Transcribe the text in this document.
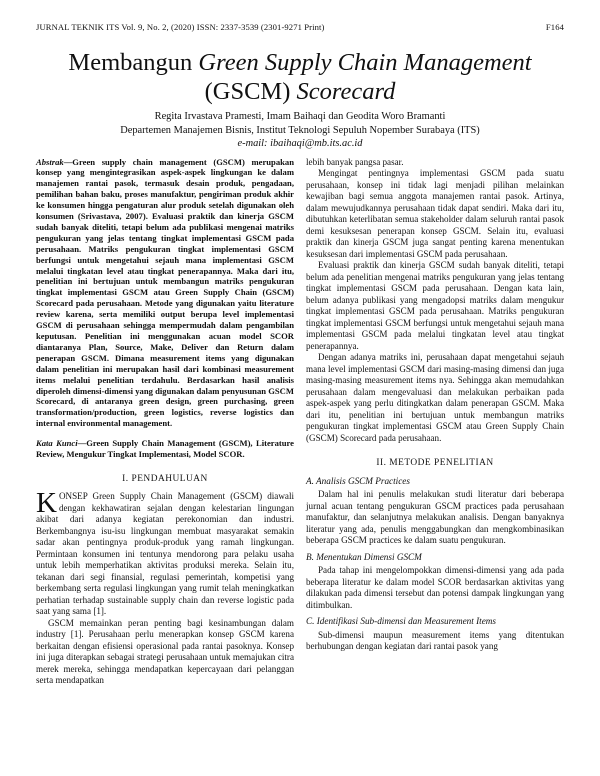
JURNAL TEKNIK ITS Vol. 9, No. 2, (2020) ISSN: 2337-3539 (2301-9271 Print)	F164
Membangun Green Supply Chain Management
(GSCM) Scorecard
Regita Irvastava Pramesti, Imam Baihaqi dan Geodita Woro Bramanti
Departemen Manajemen Bisnis, Institut Teknologi Sepuluh Nopember Surabaya (ITS)
e-mail: ibaihaqi@mb.its.ac.id

Abstrak—Green supply chain management (GSCM) merupakan konsep yang mengintegrasikan aspek-aspek lingkungan ke dalam manajemen rantai pasok, termasuk desain produk, pengadaan, pemilihan bahan baku, proses manufaktur, pengiriman produk akhir ke konsumen hingga pengaturan alur produk setelah digunakan oleh konsumen (Srivastava, 2007). Evaluasi praktik dan kinerja GSCM sudah banyak diteliti, tetapi belum ada publikasi mengenai matriks pengukuran yang jelas tentang tingkat implementasi GSCM pada perusahaan. Matriks pengukuran tingkat implementasi GSCM berfungsi untuk mengetahui sejauh mana implementasi GSCM melalui tingkatan level atau tingkat penerapannya. Maka dari itu, penelitian ini bertujuan untuk membangun matriks pengukuran tingkat implementasi GSCM atau Green Supply Chain (GSCM) Scorecard pada perusahaan. Metode yang digunakan yaitu literature review karena, serta memiliki output berupa level implementasi GSCM di perusahaan sehingga mempermudah dalam pengambilan keputusan. Penelitian ini menggunakan acuan model SCOR diantaranya Plan, Source, Make, Deliver dan Return dalam penerapan GSCM. Dimana measurement items yang digunakan dalam penelitian ini merupakan hasil dari kombinasi measurement items melalui penelitian terdahulu. Berdasarkan hasil analisis diperoleh dimensi-dimensi yang digunakan dalam penyusunan GSCM Scorecard, di antaranya green design, green purchasing, green transformation/production, green logistics, reverse logistics dan internal environmental management.

Kata Kunci—Green Supply Chain Management (GSCM), Literature Review, Mengukur Tingkat Implementasi, Model SCOR.

I. PENDAHULUAN

KONSEP Green Supply Chain Management (GSCM) diawali dengan kekhawatiran sejalan dengan kelestarian lingungan akibat dari adanya kegiatan perekonomian dan industri. Berkembangnya isu-isu lingkungan membuat masyarakat semakin sadar akan pentingnya produk-produk yang ramah lingkungan. Permintaan konsumen ini tentunya mendorong para pelaku usaha untuk lebih memperhatikan aktivitas produksi mereka. Selain itu, tekanan dari segi finansial, regulasi pemerintah, kompetisi yang berkembang serta regulasi lingkungan yang rumit telah meningkatkan perhatian terhadap sustainable supply chain dan reverse logistic pada saat yang sama [1].

GSCM memainkan peran penting bagi kesinambungan dalam industry [1]. Perusahaan perlu menerapkan konsep GSCM karena berkaitan dengan efisiensi operasional pada rantai pasoknya. Konsep ini juga diterapkan sebagai strategi perusahaan untuk memajukan citra merek mereka, sehingga mendapatkan kepercayaan dari pelanggan serta mendapatkan

lebih banyak pangsa pasar.

Mengingat pentingnya implementasi GSCM pada suatu perusahaan, konsep ini tidak lagi menjadi pilihan melainkan kewajiban bagi semua anggota manajemen rantai pasok. Artinya, dalam mewujudkannya perusahaan tidak dapat sendiri. Maka dari itu, dibutuhkan keterlibatan semua stakeholder dalam seluruh rantai pasok demi kesuksesan penerapan konsep GSCM. Selain itu, evaluasi praktik dan kinerja GSCM juga sangat penting karena menentukan kesuksesan dari implementasi GSCM pada perusahaan.

Evaluasi praktik dan kinerja GSCM sudah banyak diteliti, tetapi belum ada penelitian mengenai matriks pengukuran yang jelas tentang tingkat implementasi GSCM pada perusahaan. Dengan kata lain, belum adanya publikasi yang mengadopsi matriks dalam mengukur tingkat implementasi GSCM pada perusahaan. Matriks pengukuran tingkat implementasi GSCM berfungsi untuk mengetahui sejauh mana implementasi GSCM pada melalui tingkatan level atau tingkat penerapannya.

Dengan adanya matriks ini, perusahaan dapat mengetahui sejauh mana level implementasi GSCM dari masing-masing dimensi dan juga masing-masing measurement items nya. Sehingga akan memudahkan perusahaan dalam mengevaluasi dan melakukan perbaikan pada aspek-aspek yang perlu ditingkatkan dalam penerapan GSCM. Maka dari itu, penelitian ini bertujuan untuk membangun matriks pengukuran tingkat implementasi GSCM atau Green Supply Chain (GSCM) Scorecard pada perusahaan.

II. METODE PENELITIAN
A. Analisis GSCM Practices

Dalam hal ini penulis melakukan studi literatur dari beberapa jurnal acuan tentang pengukuran GSCM practices pada perusahaan manufaktur, dan selanjutnya melakukan analisis. Dengan banyaknya literatur yang ada, penulis menggabungkan dan mengkombinasikan beberapa GSCM practices ke dalam suatu pengukuran.

B. Menentukan Dimensi GSCM

Pada tahap ini mengelompokkan dimensi-dimensi yang ada pada beberapa literatur ke dalam model SCOR berdasarkan aktivitas yang dilakukan pada dimensi tersebut dan potensi dampak lingkungan yang ditimbulkan.

C. Identifikasi Sub-dimensi dan Measurement Items

Sub-dimensi maupun measurement items yang ditentukan berhubungan dengan kegiatan dari rantai pasok yang
